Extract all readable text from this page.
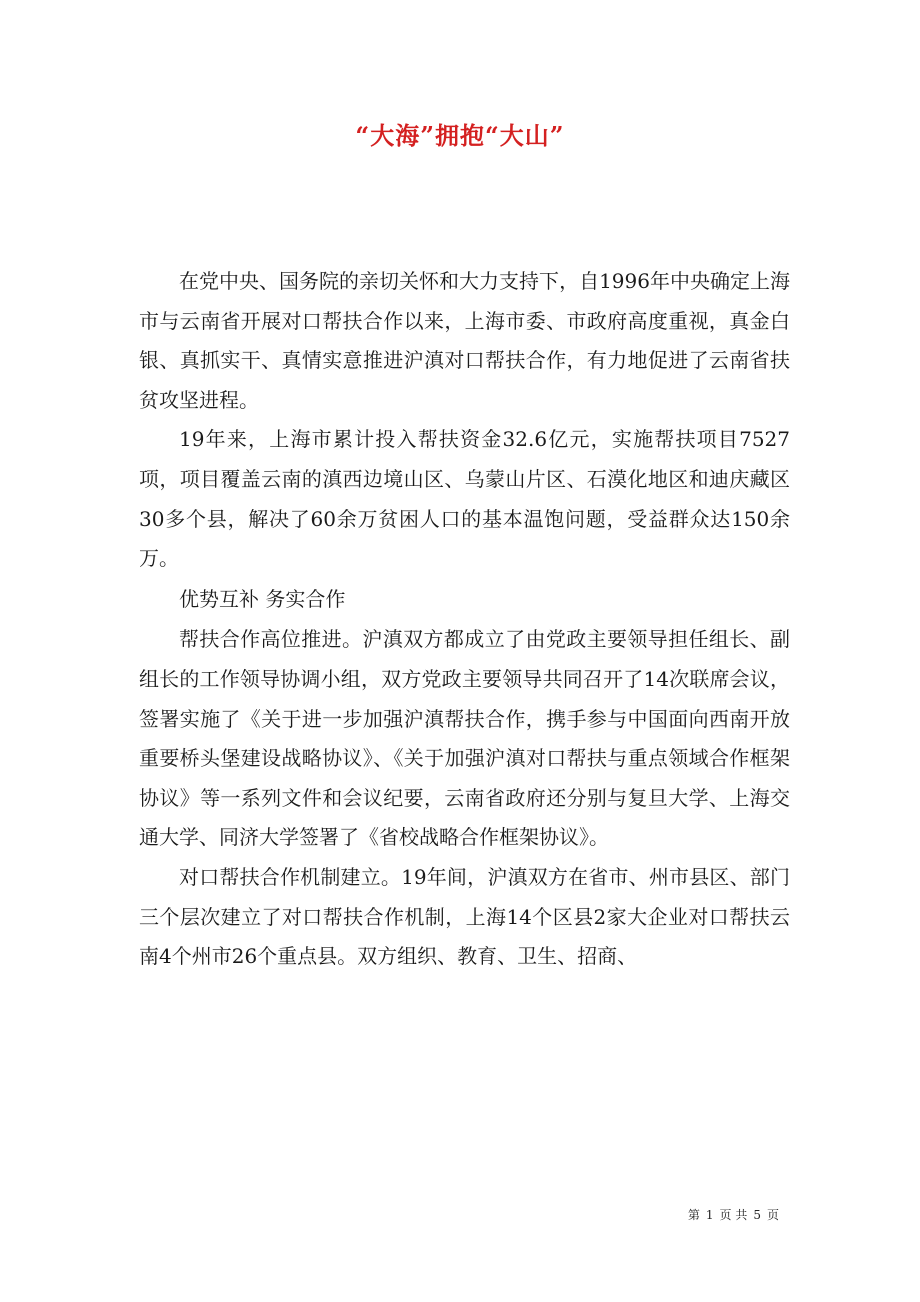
“大海”拥抱“大山”

在党中央、国务院的亲切关怀和大力支持下，自1996年中央确定上海市与云南省开展对口帮扶合作以来，上海市委、市政府高度重视，真金白银、真抓实干、真情实意推进沪滇对口帮扶合作，有力地促进了云南省扶贫攻坚进程。

19年来，上海市累计投入帮扶资金32.6亿元，实施帮扶项目7527项，项目覆盖云南的滇西边境山区、乌蒙山片区、石漠化地区和迪庆藏区30多个县，解决了60余万贫困人口的基本温饱问题，受益群众达150余万。

优势互补 务实合作

帮扶合作高位推进。沪滇双方都成立了由党政主要领导担任组长、副组长的工作领导协调小组，双方党政主要领导共同召开了14次联席会议，签署实施了《关于进一步加强沪滇帮扶合作，携手参与中国面向西南开放重要桥头堡建设战略协议》、《关于加强沪滇对口帮扶与重点领域合作框架协议》等一系列文件和会议纪要，云南省政府还分别与复旦大学、上海交通大学、同济大学签署了《省校战略合作框架协议》。

对口帮扶合作机制建立。19年间，沪滇双方在省市、州市县区、部门三个层次建立了对口帮扶合作机制，上海14个区县2家大企业对口帮扶云南4个州市26个重点县。双方组织、教育、卫生、招商、

第 1 页 共 5 页
